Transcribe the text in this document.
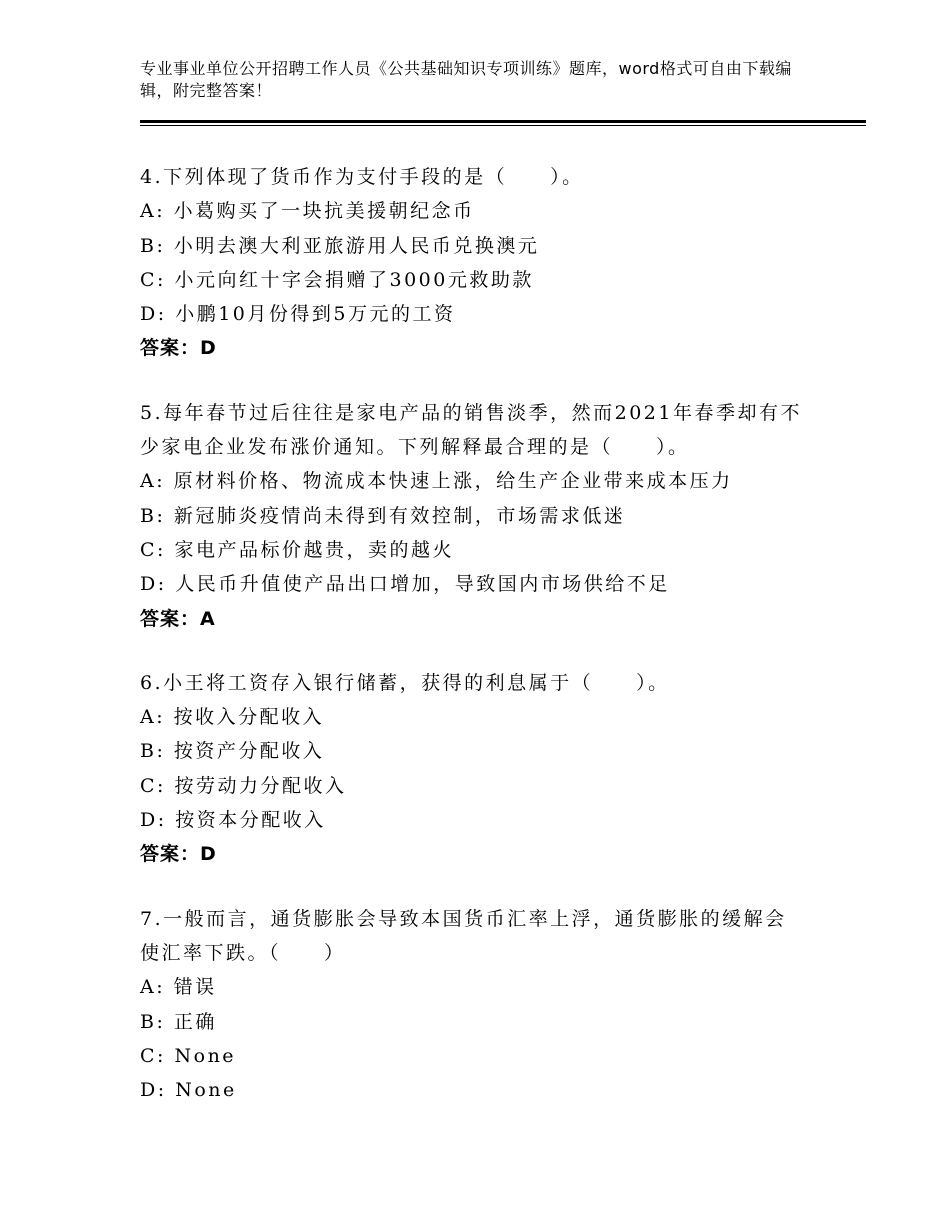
专业事业单位公开招聘工作人员《公共基础知识专项训练》题库，word格式可自由下载编辑，附完整答案！
4.下列体现了货币作为支付手段的是（　　）。
A: 小葛购买了一块抗美援朝纪念币
B: 小明去澳大利亚旅游用人民币兑换澳元
C: 小元向红十字会捐赠了3000元救助款
D: 小鹏10月份得到5万元的工资
答案：D
5.每年春节过后往往是家电产品的销售淡季，然而2021年春季却有不
少家电企业发布涨价通知。下列解释最合理的是（　　）。
A: 原材料价格、物流成本快速上涨，给生产企业带来成本压力
B: 新冠肺炎疫情尚未得到有效控制，市场需求低迷
C: 家电产品标价越贵，卖的越火
D: 人民币升值使产品出口增加，导致国内市场供给不足
答案：A
6.小王将工资存入银行储蓄，获得的利息属于（　　）。
A: 按收入分配收入
B: 按资产分配收入
C: 按劳动力分配收入
D: 按资本分配收入
答案：D
7.一般而言，通货膨胀会导致本国货币汇率上浮，通货膨胀的缓解会
使汇率下跌。（　　）
A: 错误
B: 正确
C: None
D: None
